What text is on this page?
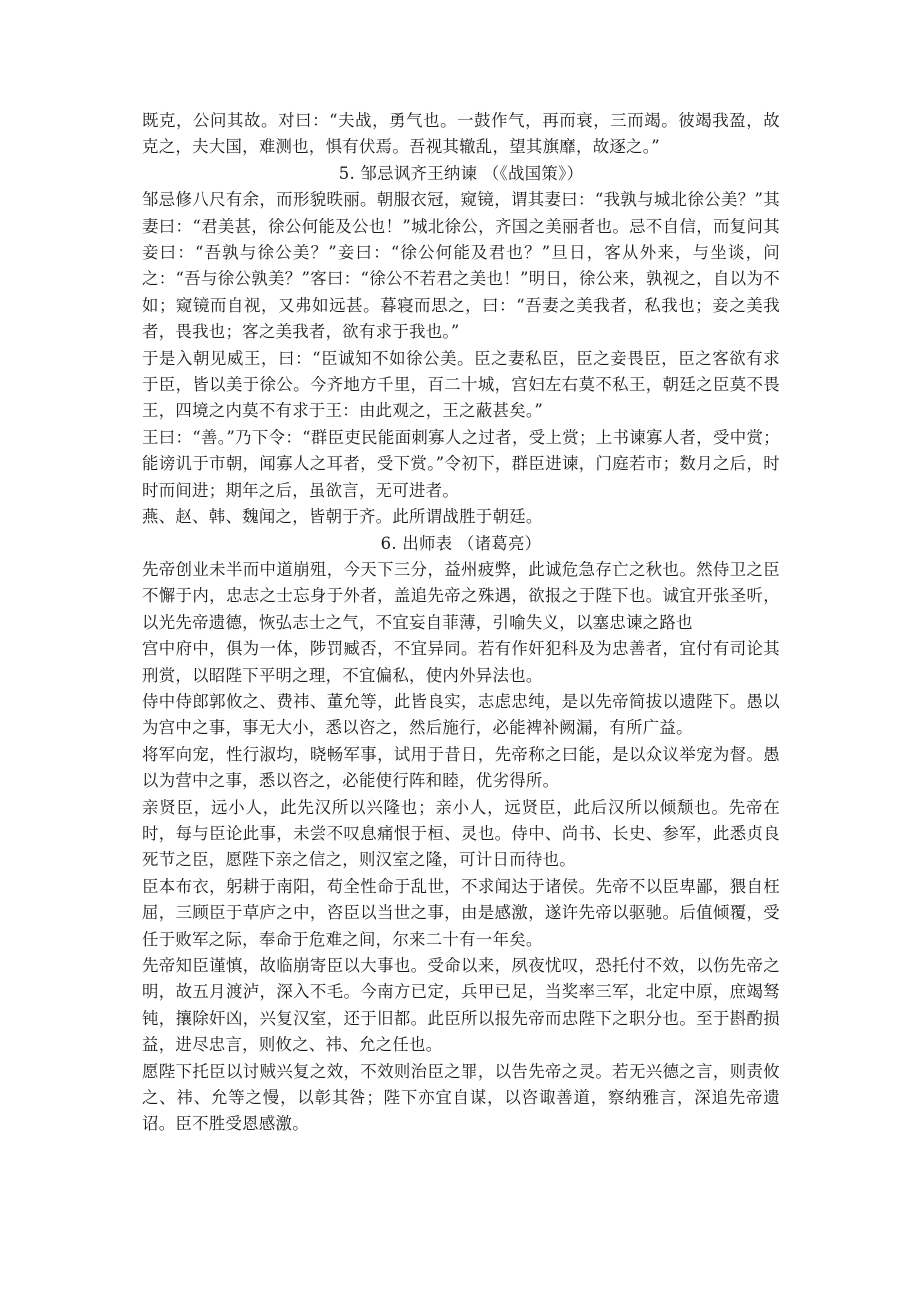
既克，公问其故。对曰：“夫战，勇气也。一鼓作气，再而衰，三而竭。彼竭我盈，故克之，夫大国，难测也，惧有伏焉。吾视其辙乱，望其旗靡，故逐之。”

5. 邹忌讽齐王纳谏 （《战国策》）

邹忌修八尺有余，而形貌昳丽。朝服衣冠，窥镜，谓其妻曰：“我孰与城北徐公美？”其妻曰：“君美甚，徐公何能及公也！”城北徐公，齐国之美丽者也。忌不自信，而复问其妾曰：“吾孰与徐公美？”妾曰：“徐公何能及君也？”旦日，客从外来，与坐谈，问之：“吾与徐公孰美？”客曰：“徐公不若君之美也！”明日，徐公来，孰视之，自以为不如；窥镜而自视，又弗如远甚。暮寝而思之，曰：“吾妻之美我者，私我也；妾之美我者，畏我也；客之美我者，欲有求于我也。”

于是入朝见威王，曰：“臣诚知不如徐公美。臣之妻私臣，臣之妾畏臣，臣之客欲有求于臣，皆以美于徐公。今齐地方千里，百二十城，宫妇左右莫不私王，朝廷之臣莫不畏王，四境之内莫不有求于王：由此观之，王之蔽甚矣。”

王曰：“善。”乃下令：“群臣吏民能面刺寡人之过者，受上赏；上书谏寡人者，受中赏；能谤讥于市朝，闻寡人之耳者，受下赏。”令初下，群臣进谏，门庭若市；数月之后，时时而间进；期年之后，虽欲言，无可进者。

燕、赵、韩、魏闻之，皆朝于齐。此所谓战胜于朝廷。

6. 出师表 （诸葛亮）

先帝创业未半而中道崩殂，今天下三分，益州疲弊，此诚危急存亡之秋也。然侍卫之臣不懈于内，忠志之士忘身于外者，盖追先帝之殊遇，欲报之于陛下也。诚宜开张圣听，以光先帝遗德，恢弘志士之气，不宜妄自菲薄，引喻失义，以塞忠谏之路也

宫中府中，俱为一体，陟罚臧否，不宜异同。若有作奸犯科及为忠善者，宜付有司论其刑赏，以昭陛下平明之理，不宜偏私，使内外异法也。

侍中侍郎郭攸之、费祎、董允等，此皆良实，志虑忠纯，是以先帝简拔以遗陛下。愚以为宫中之事，事无大小，悉以咨之，然后施行，必能裨补阙漏，有所广益。

将军向宠，性行淑均，晓畅军事，试用于昔日，先帝称之曰能，是以众议举宠为督。愚以为营中之事，悉以咨之，必能使行阵和睦，优劣得所。

亲贤臣，远小人，此先汉所以兴隆也；亲小人，远贤臣，此后汉所以倾颓也。先帝在时，每与臣论此事，未尝不叹息痛恨于桓、灵也。侍中、尚书、长史、参军，此悉贞良死节之臣，愿陛下亲之信之，则汉室之隆，可计日而待也。

臣本布衣，躬耕于南阳，苟全性命于乱世，不求闻达于诸侯。先帝不以臣卑鄙，猥自枉屈，三顾臣于草庐之中，咨臣以当世之事，由是感激，遂许先帝以驱驰。后值倾覆，受任于败军之际，奉命于危难之间，尔来二十有一年矣。

先帝知臣谨慎，故临崩寄臣以大事也。受命以来，夙夜忧叹，恐托付不效，以伤先帝之明，故五月渡泸，深入不毛。今南方已定，兵甲已足，当奖率三军，北定中原，庶竭驽钝，攘除奸凶，兴复汉室，还于旧都。此臣所以报先帝而忠陛下之职分也。至于斟酌损益，进尽忠言，则攸之、祎、允之任也。

愿陛下托臣以讨贼兴复之效，不效则治臣之罪，以告先帝之灵。若无兴德之言，则责攸之、祎、允等之慢，以彰其咎；陛下亦宜自谋，以咨诹善道，察纳雅言，深追先帝遗诏。臣不胜受恩感激。
